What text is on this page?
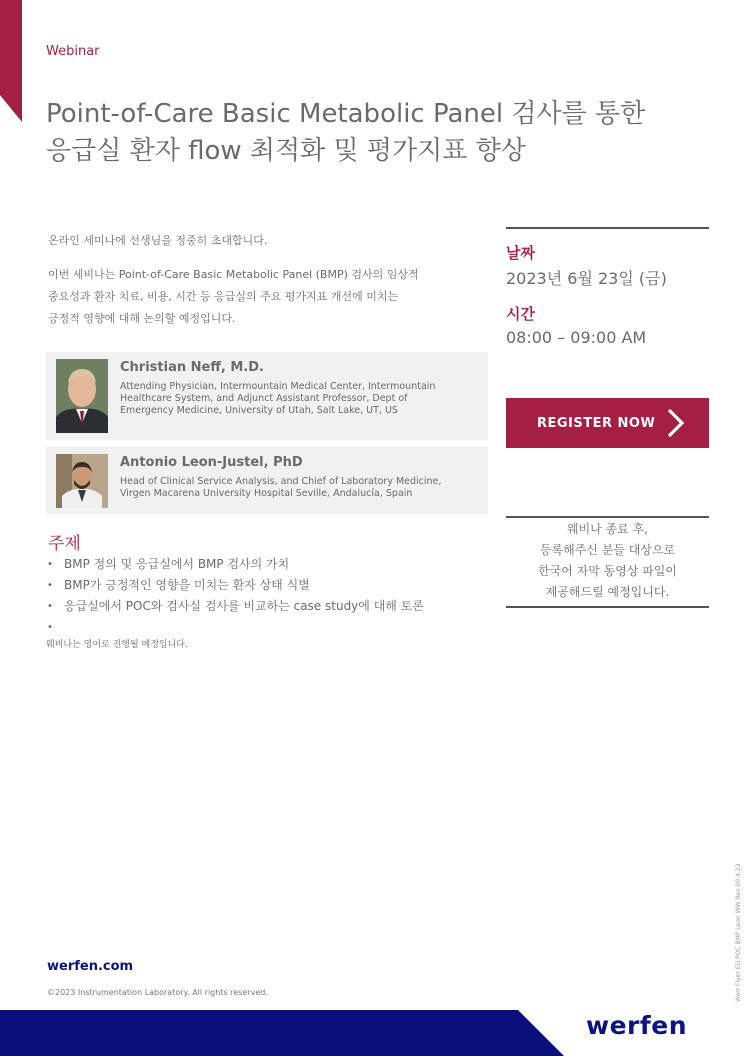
Webinar
Point-of-Care Basic Metabolic Panel 검사를 통한
응급실 환자 flow 최적화 및 평가지표 향상

온라인 세미나에 선생님을 정중히 초대합니다.

이번 세비나는 Point-of-Care Basic Metabolic Panel (BMP) 검사의 임상적
중요성과 환자 치료, 비용, 시간 등 응급실의 주요 평가지표 개선에 미치는
긍정적 영향에 대해 논의할 예정입니다.

Christian Neff, M.D.
Attending Physician, Intermountain Medical Center, Intermountain
Healthcare System, and Adjunct Assistant Professor, Dept of
Emergency Medicine, University of Utah, Salt Lake, UT, US
Antonio Leon-Justel, PhD
Head of Clinical Service Analysis, and Chief of Laboratory Medicine,
Virgen Macarena University Hospital Seville, Andalucía, Spain
주제
• BMP 정의 및 응급실에서 BMP 검사의 가치
• BMP가 긍정적인 영향을 미치는 환자 상태 식별
• 응급실에서 POC와 검사실 검사를 비교하는 case study에 대해 토론
•
웨비나는 영어로 진행될 예정입니다.
날짜
2023년 6월 23일 (금)
시간
08:00 – 09:00 AM
REGISTER NOW
웨비나 종료 후,
등록해주신 분들 대상으로
한국어 자막 동영상 파일이
제공해드릴 예정입니다.
werfen.com
©2023 Instrumentation Laboratory. All rights reserved.	Worr Flyer ED POC BMP Leon WW Rev 00 4.23
werfen
